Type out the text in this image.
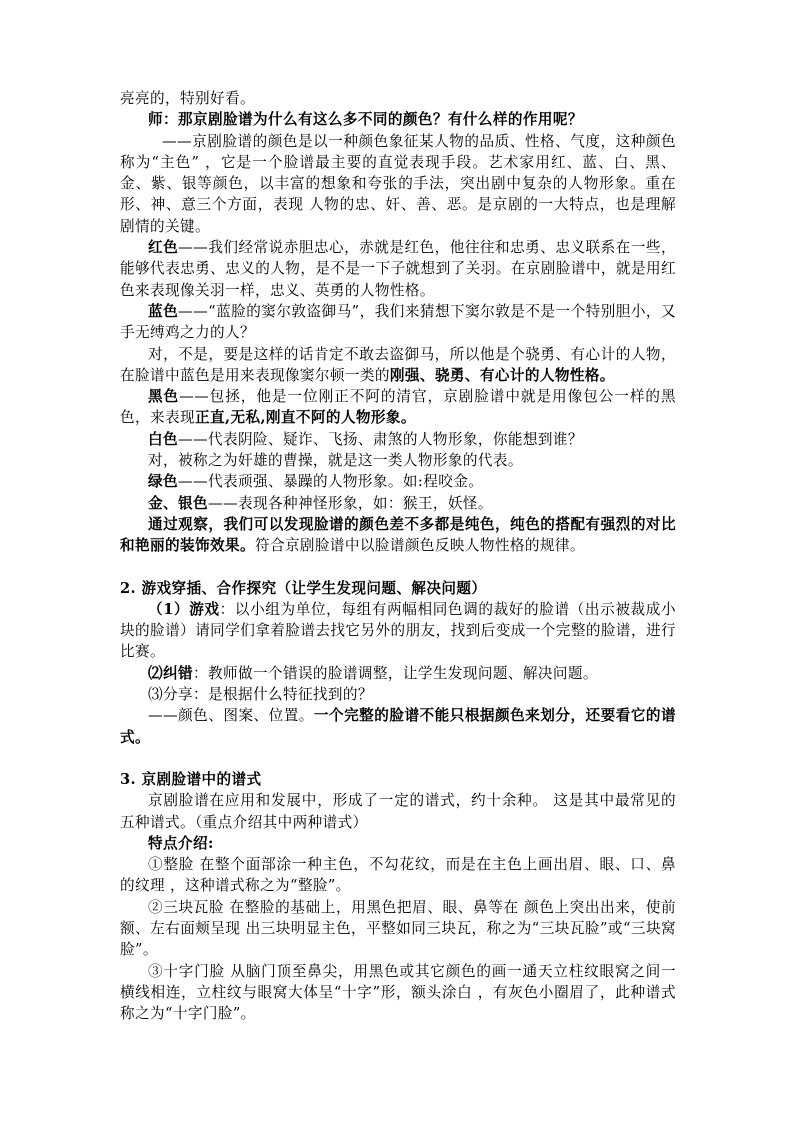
亮亮的，特别好看。

师：那京剧脸谱为什么有这么多不同的颜色？有什么样的作用呢？

——京剧脸谱的颜色是以一种颜色象征某人物的品质、性格、气度，这种颜色称为“主色” ，它是一个脸谱最主要的直觉表现手段。艺术家用红、蓝、白、黑、金、紫、银等颜色，以丰富的想象和夸张的手法，突出剧中复杂的人物形象。重在形、神、意三个方面，表现 人物的忠、奸、善、恶。是京剧的一大特点，也是理解剧情的关键。

红色——我们经常说赤胆忠心，赤就是红色，他往往和忠勇、忠义联系在一些，能够代表忠勇、忠义的人物，是不是一下子就想到了关羽。在京剧脸谱中，就是用红色来表现像关羽一样，忠义、英勇的人物性格。

蓝色——“蓝脸的窦尔敦盗御马”，我们来猜想下窦尔敦是不是一个特别胆小，又手无缚鸡之力的人？

对，不是，要是这样的话肯定不敢去盗御马，所以他是个骁勇、有心计的人物，在脸谱中蓝色是用来表现像窦尔顿一类的刚强、骁勇、有心计的人物性格。

黑色——包拯，他是一位刚正不阿的清官，京剧脸谱中就是用像包公一样的黑色，来表现正直,无私,刚直不阿的人物形象。

白色——代表阴险、疑诈、飞扬、肃煞的人物形象，你能想到谁？

对，被称之为奸雄的曹操，就是这一类人物形象的代表。

绿色——代表顽强、暴躁的人物形象。如:程咬金。

金、银色——表现各种神怪形象，如：猴王，妖怪。

通过观察，我们可以发现脸谱的颜色差不多都是纯色，纯色的搭配有强烈的对比和艳丽的装饰效果。符合京剧脸谱中以脸谱颜色反映人物性格的规律。

2. 游戏穿插、合作探究（让学生发现问题、解决问题）

（1）游戏：以小组为单位，每组有两幅相同色调的裁好的脸谱（出示被裁成小块的脸谱）请同学们拿着脸谱去找它另外的朋友，找到后变成一个完整的脸谱，进行比赛。

⑵纠错：教师做一个错误的脸谱调整，让学生发现问题、解决问题。

⑶分享：是根据什么特征找到的？

——颜色、图案、位置。一个完整的脸谱不能只根据颜色来划分，还要看它的谱式。

3. 京剧脸谱中的谱式

京剧脸谱在应用和发展中，形成了一定的谱式，约十余种。 这是其中最常见的五种谱式。（重点介绍其中两种谱式）

特点介绍:

①整脸 在整个面部涂一种主色，不勾花纹，而是在主色上画出眉、眼、口、鼻的纹理 ，这种谱式称之为“整脸”。

②三块瓦脸 在整脸的基础上，用黑色把眉、眼、鼻等在 颜色上突出出来，使前额、左右面颊呈现 出三块明显主色，平整如同三块瓦，称之为“三块瓦脸”或“三块窝脸”。

③十字门脸 从脑门顶至鼻尖，用黑色或其它颜色的画一通天立柱纹眼窝之间一横线相连，立柱纹与眼窝大体呈“十字”形，额头涂白 ，有灰色小圈眉了，此种谱式称之为“十字门脸”。
